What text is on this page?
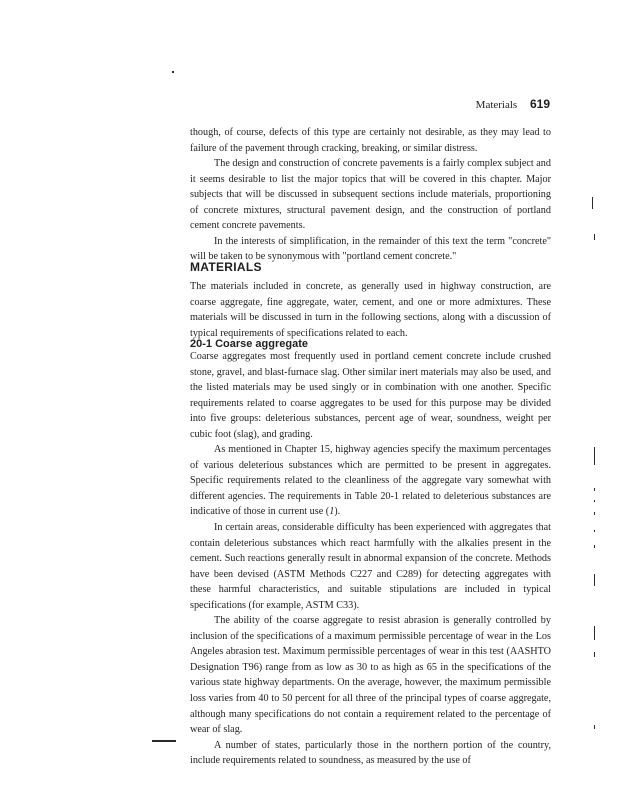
Materials 619

though, of course, defects of this type are certainly not desirable, as they may lead to failure of the pavement through cracking, breaking, or similar distress.

The design and construction of concrete pavements is a fairly complex subject and it seems desirable to list the major topics that will be covered in this chapter. Major subjects that will be discussed in subsequent sections include materials, proportioning of concrete mixtures, structural pavement design, and the construction of portland cement concrete pavements.

In the interests of simplification, in the remainder of this text the term "concrete" will be taken to be synonymous with "portland cement concrete."

MATERIALS

The materials included in concrete, as generally used in highway construction, are coarse aggregate, fine aggregate, water, cement, and one or more admixtures. These materials will be discussed in turn in the following sections, along with a discussion of typical requirements of specifications related to each.

20-1 Coarse aggregate

Coarse aggregates most frequently used in portland cement concrete include crushed stone, gravel, and blast-furnace slag. Other similar inert materials may also be used, and the listed materials may be used singly or in combination with one another. Specific requirements related to coarse aggregates to be used for this purpose may be divided into five groups: deleterious substances, percent age of wear, soundness, weight per cubic foot (slag), and grading.

As mentioned in Chapter 15, highway agencies specify the maximum percentages of various deleterious substances which are permitted to be present in aggregates. Specific requirements related to the cleanliness of the aggregate vary somewhat with different agencies. The requirements in Table 20-1 related to deleterious substances are indicative of those in current use (1).

In certain areas, considerable difficulty has been experienced with aggregates that contain deleterious substances which react harmfully with the alkalies present in the cement. Such reactions generally result in abnormal expansion of the concrete. Methods have been devised (ASTM Methods C227 and C289) for detecting aggregates with these harmful characteristics, and suitable stipulations are included in typical specifications (for example, ASTM C33).

The ability of the coarse aggregate to resist abrasion is generally controlled by inclusion of the specifications of a maximum permissible percentage of wear in the Los Angeles abrasion test. Maximum permissible percentages of wear in this test (AASHTO Designation T96) range from as low as 30 to as high as 65 in the specifications of the various state highway departments. On the average, however, the maximum permissible loss varies from 40 to 50 percent for all three of the principal types of coarse aggregate, although many specifications do not contain a requirement related to the percentage of wear of slag.

A number of states, particularly those in the northern portion of the country, include requirements related to soundness, as measured by the use of
